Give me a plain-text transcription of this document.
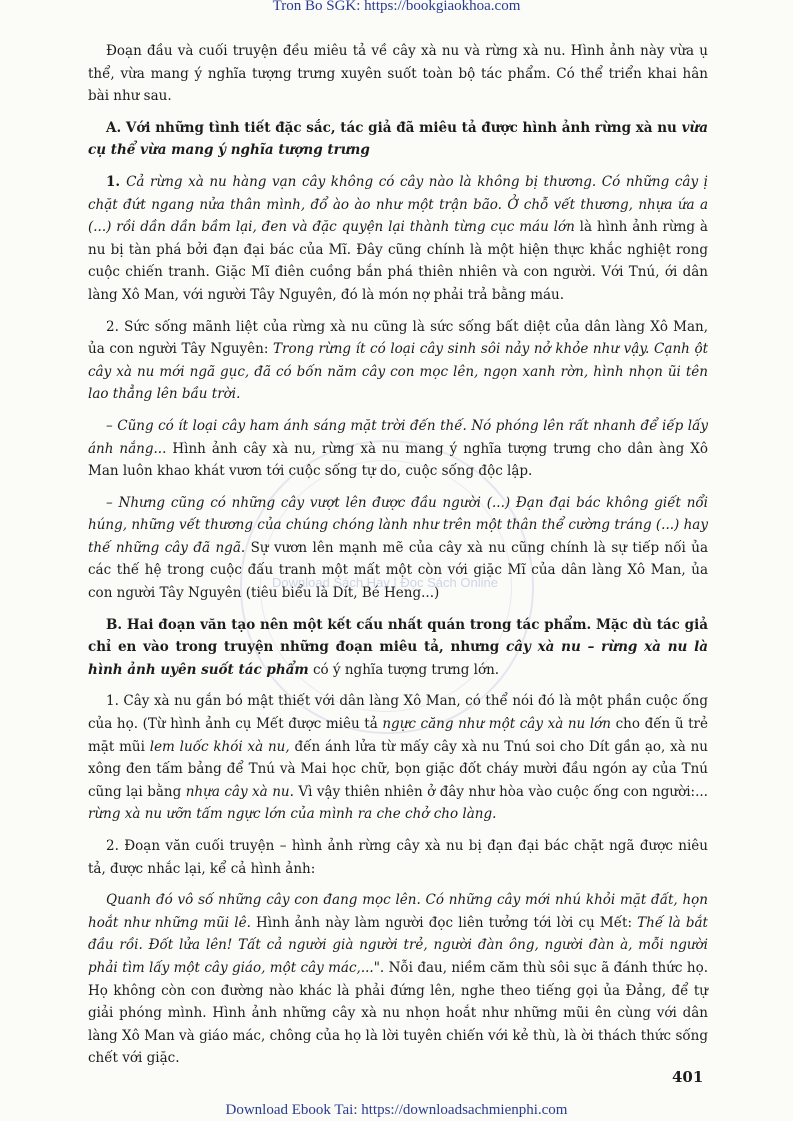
Tron Bo SGK: https://bookgiaokhoa.com
Download Sách Hay | Đọc Sách Online

Đoạn đầu và cuối truyện đều miêu tả về cây xà nu và rừng xà nu. Hình ảnh này vừa ụ thể, vừa mang ý nghĩa tượng trưng xuyên suốt toàn bộ tác phẩm. Có thể triển khai hân bài như sau.

A. Với những tình tiết đặc sắc, tác giả đã miêu tả được hình ảnh rừng xà nu vừa cụ thể vừa mang ý nghĩa tượng trưng

1. Cả rừng xà nu hàng vạn cây không có cây nào là không bị thương. Có những cây ị chặt đứt ngang nửa thân mình, đổ ào ào như một trận bão. Ở chỗ vết thương, nhựa ứa a (...) rồi dần dần bầm lại, đen và đặc quyện lại thành từng cục máu lớn là hình ảnh rừng à nu bị tàn phá bởi đạn đại bác của Mĩ. Đây cũng chính là một hiện thực khắc nghiệt rong cuộc chiến tranh. Giặc Mĩ điên cuồng bắn phá thiên nhiên và con người. Với Tnú, ới dân làng Xô Man, với người Tây Nguyên, đó là món nợ phải trả bằng máu.

2. Sức sống mãnh liệt của rừng xà nu cũng là sức sống bất diệt của dân làng Xô Man, ủa con người Tây Nguyên: Trong rừng ít có loại cây sinh sôi nảy nở khỏe như vậy. Cạnh ột cây xà nu mới ngã gục, đã có bốn năm cây con mọc lên, ngọn xanh rờn, hình nhọn ũi tên lao thẳng lên bầu trời.

– Cũng có ít loại cây ham ánh sáng mặt trời đến thế. Nó phóng lên rất nhanh để iếp lấy ánh nắng... Hình ảnh cây xà nu, rừng xà nu mang ý nghĩa tượng trưng cho dân àng Xô Man luôn khao khát vươn tới cuộc sống tự do, cuộc sống độc lập.

– Nhưng cũng có những cây vượt lên được đầu người (...) Đạn đại bác không giết nổi húng, những vết thương của chúng chóng lành như trên một thân thể cường tráng (...) hay thế những cây đã ngã. Sự vươn lên mạnh mẽ của cây xà nu cũng chính là sự tiếp nối ủa các thế hệ trong cuộc đấu tranh một mất một còn với giặc Mĩ của dân làng Xô Man, ủa con người Tây Nguyên (tiêu biểu là Dít, Bé Heng...)

B. Hai đoạn văn tạo nên một kết cấu nhất quán trong tác phẩm. Mặc dù tác giả chỉ en vào trong truyện những đoạn miêu tả, nhưng cây xà nu – rừng xà nu là hình ảnh uyên suốt tác phẩm có ý nghĩa tượng trưng lớn.

1. Cây xà nu gắn bó mật thiết với dân làng Xô Man, có thể nói đó là một phần cuộc ống của họ. (Từ hình ảnh cụ Mết được miêu tả ngực căng như một cây xà nu lớn cho đến ũ trẻ mặt mũi lem luốc khói xà nu, đến ánh lửa từ mấy cây xà nu Tnú soi cho Dít gần ạo, xà nu xông đen tấm bảng để Tnú và Mai học chữ, bọn giặc đốt cháy mười đầu ngón ay của Tnú cũng lại bằng nhựa cây xà nu. Vì vậy thiên nhiên ở đây như hòa vào cuộc ống con người:... rừng xà nu ưỡn tấm ngực lớn của mình ra che chở cho làng.

2. Đoạn văn cuối truyện – hình ảnh rừng cây xà nu bị đạn đại bác chặt ngã được niêu tả, được nhắc lại, kể cả hình ảnh:

Quanh đó vô số những cây con đang mọc lên. Có những cây mới nhú khỏi mặt đất, họn hoắt như những mũi lê. Hình ảnh này làm người đọc liên tưởng tới lời cụ Mết: Thế là bắt đầu rồi. Đốt lửa lên! Tất cả người già người trẻ, người đàn ông, người đàn à, mỗi người phải tìm lấy một cây giáo, một cây mác,...". Nỗi đau, niềm căm thù sôi sục ã đánh thức họ. Họ không còn con đường nào khác là phải đứng lên, nghe theo tiếng gọi ủa Đảng, để tự giải phóng mình. Hình ảnh những cây xà nu nhọn hoắt như những mũi ên cùng với dân làng Xô Man và giáo mác, chông của họ là lời tuyên chiến với kẻ thù, là ời thách thức sống chết với giặc.

401
Download Ebook Tai: https://downloadsachmienphi.com
